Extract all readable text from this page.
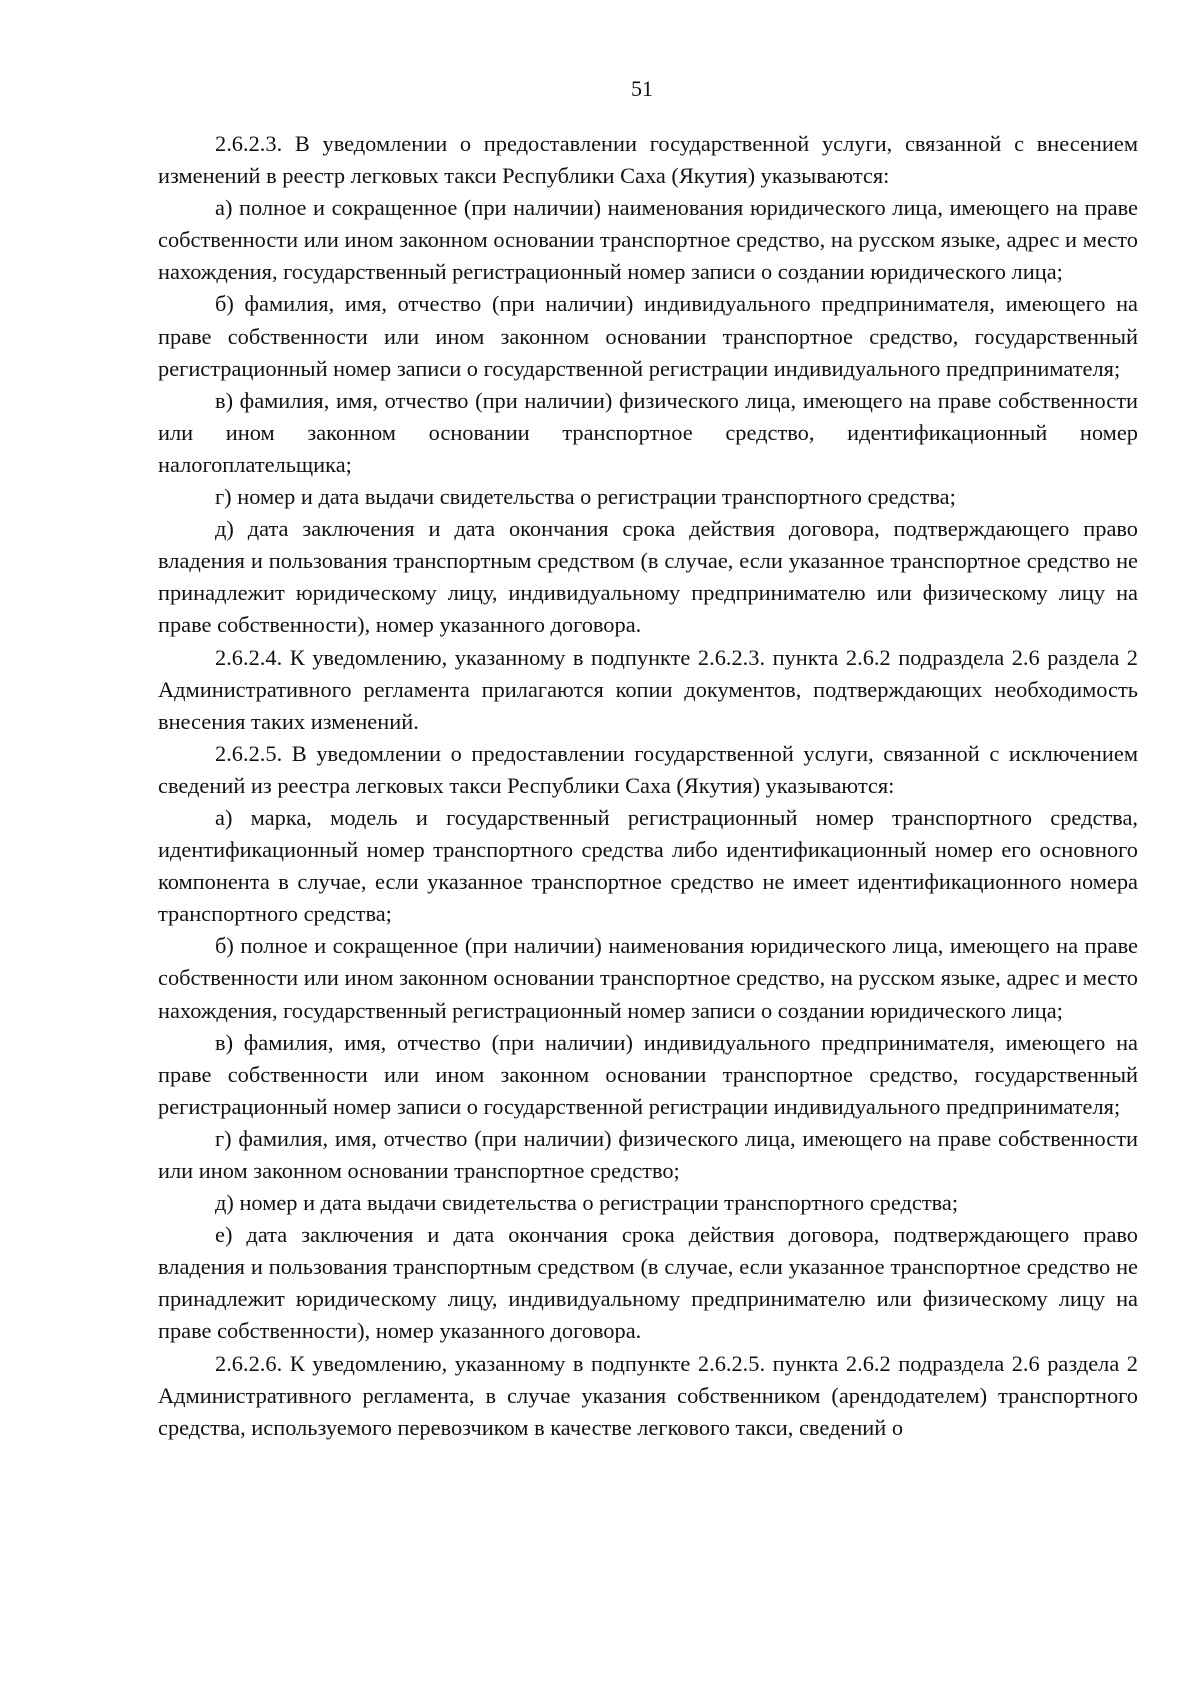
51

2.6.2.3. В уведомлении о предоставлении государственной услуги, связанной с внесением изменений в реестр легковых такси Республики Саха (Якутия) указываются:

а) полное и сокращенное (при наличии) наименования юридического лица, имеющего на праве собственности или ином законном основании транспортное средство, на русском языке, адрес и место нахождения, государственный регистрационный номер записи о создании юридического лица;

б) фамилия, имя, отчество (при наличии) индивидуального предпринимателя, имеющего на праве собственности или ином законном основании транспортное средство, государственный регистрационный номер записи о государственной регистрации индивидуального предпринимателя;

в) фамилия, имя, отчество (при наличии) физического лица, имеющего на праве собственности или ином законном основании транспортное средство, идентификационный номер налогоплательщика;

г) номер и дата выдачи свидетельства о регистрации транспортного средства;

д) дата заключения и дата окончания срока действия договора, подтверждающего право владения и пользования транспортным средством (в случае, если указанное транспортное средство не принадлежит юридическому лицу, индивидуальному предпринимателю или физическому лицу на праве собственности), номер указанного договора.

2.6.2.4. К уведомлению, указанному в подпункте 2.6.2.3. пункта 2.6.2 подраздела 2.6 раздела 2 Административного регламента прилагаются копии документов, подтверждающих необходимость внесения таких изменений.

2.6.2.5. В уведомлении о предоставлении государственной услуги, связанной с исключением сведений из реестра легковых такси Республики Саха (Якутия) указываются:

а) марка, модель и государственный регистрационный номер транспортного средства, идентификационный номер транспортного средства либо идентификационный номер его основного компонента в случае, если указанное транспортное средство не имеет идентификационного номера транспортного средства;

б) полное и сокращенное (при наличии) наименования юридического лица, имеющего на праве собственности или ином законном основании транспортное средство, на русском языке, адрес и место нахождения, государственный регистрационный номер записи о создании юридического лица;

в) фамилия, имя, отчество (при наличии) индивидуального предпринимателя, имеющего на праве собственности или ином законном основании транспортное средство, государственный регистрационный номер записи о государственной регистрации индивидуального предпринимателя;

г) фамилия, имя, отчество (при наличии) физического лица, имеющего на праве собственности или ином законном основании транспортное средство;

д) номер и дата выдачи свидетельства о регистрации транспортного средства;

е) дата заключения и дата окончания срока действия договора, подтверждающего право владения и пользования транспортным средством (в случае, если указанное транспортное средство не принадлежит юридическому лицу, индивидуальному предпринимателю или физическому лицу на праве собственности), номер указанного договора.

2.6.2.6. К уведомлению, указанному в подпункте 2.6.2.5. пункта 2.6.2 подраздела 2.6 раздела 2 Административного регламента, в случае указания собственником (арендодателем) транспортного средства, используемого перевозчиком в качестве легкового такси, сведений о
